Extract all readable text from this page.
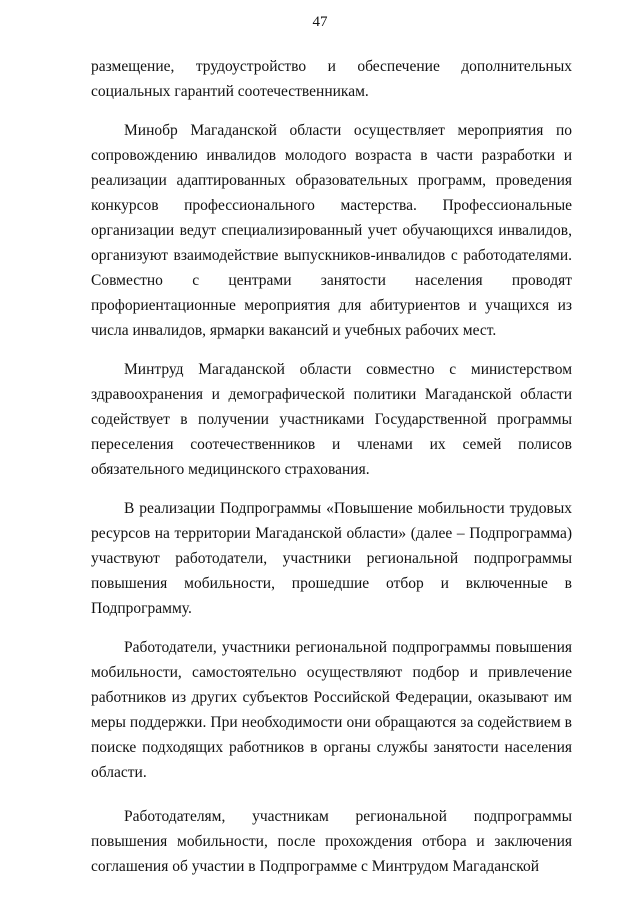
47

размещение, трудоустройство и обеспечение дополнительных социальных гарантий соотечественникам.

Минобр Магаданской области осуществляет мероприятия по сопровождению инвалидов молодого возраста в части разработки и реализации адаптированных образовательных программ, проведения конкурсов профессионального мастерства. Профессиональные организации ведут специализированный учет обучающихся инвалидов, организуют взаимодействие выпускников-инвалидов с работодателями. Совместно с центрами занятости населения проводят профориентационные мероприятия для абитуриентов и учащихся из числа инвалидов, ярмарки вакансий и учебных рабочих мест.

Минтруд Магаданской области совместно с министерством здравоохранения и демографической политики Магаданской области содействует в получении участниками Государственной программы переселения соотечественников и членами их семей полисов обязательного медицинского страхования.

В реализации Подпрограммы «Повышение мобильности трудовых ресурсов на территории Магаданской области» (далее – Подпрограмма) участвуют работодатели, участники региональной подпрограммы повышения мобильности, прошедшие отбор и включенные в Подпрограмму.

Работодатели, участники региональной подпрограммы повышения мобильности, самостоятельно осуществляют подбор и привлечение работников из других субъектов Российской Федерации, оказывают им меры поддержки. При необходимости они обращаются за содействием в поиске подходящих работников в органы службы занятости населения области.

Работодателям, участникам региональной подпрограммы повышения мобильности, после прохождения отбора и заключения соглашения об участии в Подпрограмме с Минтрудом Магаданской
